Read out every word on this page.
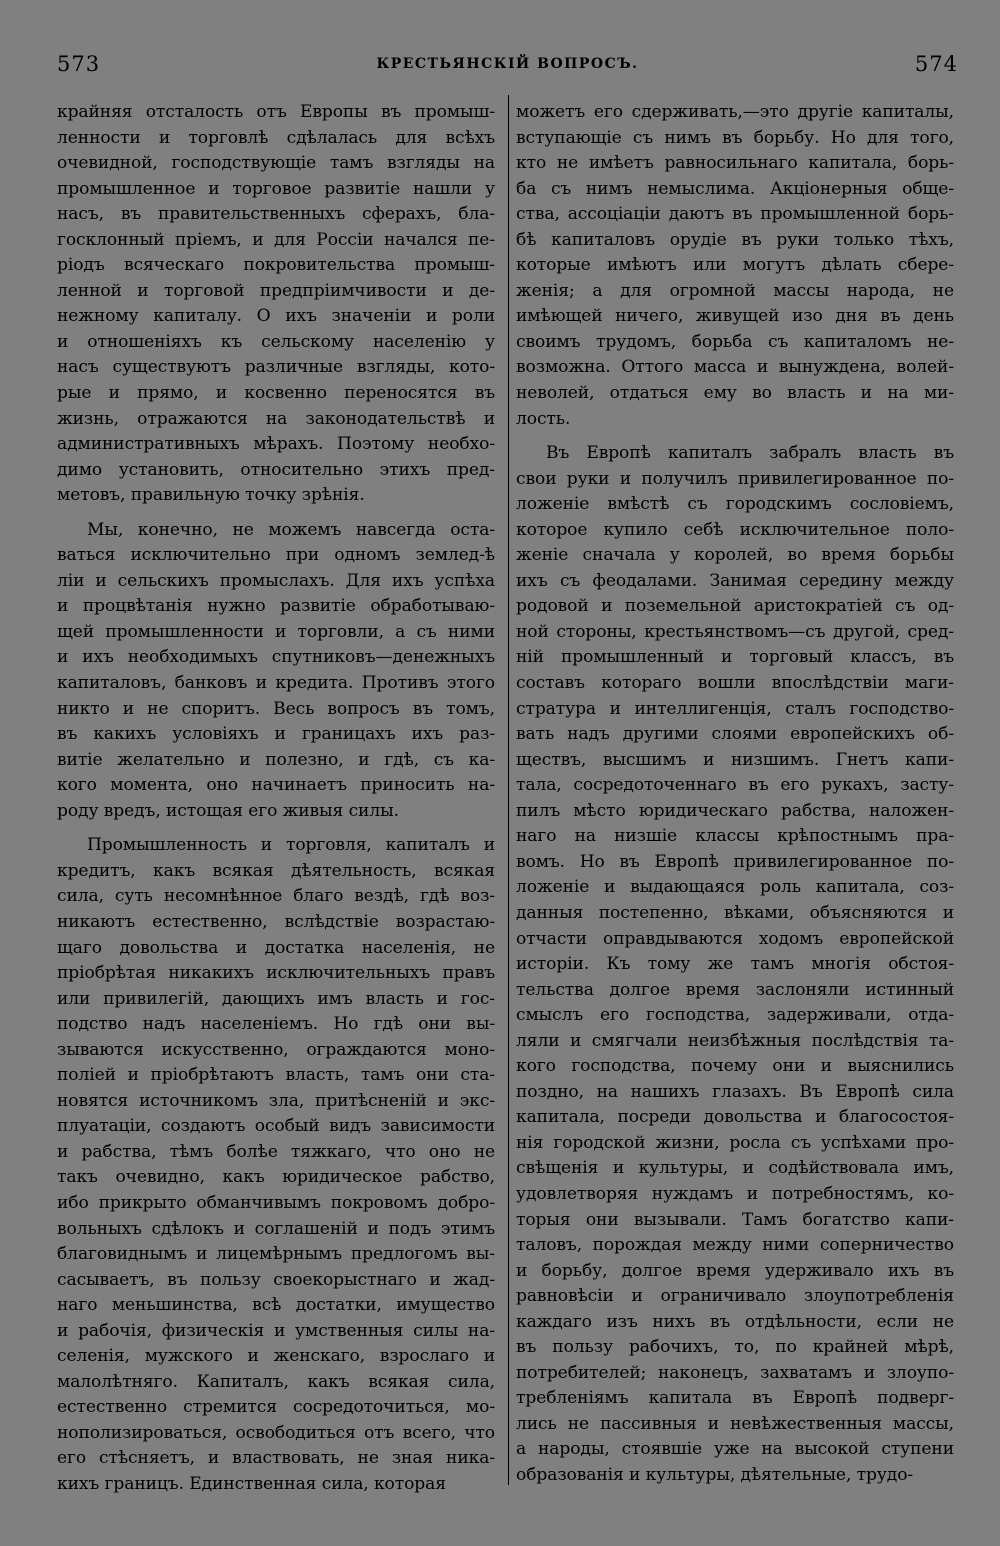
573	КРЕСТЬЯНСКІЙ ВОПРОСЪ.	574

крайняя отсталость отъ Европы въ промыш-
ленности и торговлѣ сдѣлалась для всѣхъ
очевидной, господствующіе тамъ взгляды на
промышленное и торговое развитіе нашли у
насъ, въ правительственныхъ сферахъ, бла-
госклонный пріемъ, и для Россіи начался пе-
ріодъ всяческаго покровительства промыш-
ленной и торговой предпріимчивости и де-
нежному капиталу. О ихъ значеніи и роли
и отношеніяхъ къ сельскому населенію у
насъ существуютъ различные взгляды, кото-
рые и прямо, и косвенно переносятся въ
жизнь, отражаются на законодательствѣ и
административныхъ мѣрахъ. Поэтому необхо-
димо установить, относительно этихъ пред-
метовъ, правильную точку зрѣнія.

Мы, конечно, не можемъ навсегда оста-
ваться исключительно при одномъ землед-ѣ
ліи и сельскихъ промыслахъ. Для ихъ успѣха
и процвѣтанія нужно развитіе обработываю-
щей промышленности и торговли, а съ ними
и ихъ необходимыхъ спутниковъ—денежныхъ
капиталовъ, банковъ и кредита. Противъ этого
никто и не споритъ. Весь вопросъ въ томъ,
въ какихъ условіяхъ и границахъ ихъ раз-
витіе желательно и полезно, и гдѣ, съ ка-
кого момента, оно начинаетъ приносить на-
роду вредъ, истощая его живыя силы.

Промышленность и торговля, капиталъ и
кредитъ, какъ всякая дѣятельность, всякая
сила, суть несомнѣнное благо вездѣ, гдѣ воз-
никаютъ естественно, вслѣдствіе возрастаю-
щаго довольства и достатка населенія, не
пріобрѣтая никакихъ исключительныхъ правъ
или привилегій, дающихъ имъ власть и гос-
подство надъ населеніемъ. Но гдѣ они вы-
зываются искусственно, ограждаются моно-
поліей и пріобрѣтаютъ власть, тамъ они ста-
новятся источникомъ зла, притѣсненій и экс-
плуатаціи, создаютъ особый видъ зависимости
и рабства, тѣмъ болѣе тяжкаго, что оно не
такъ очевидно, какъ юридическое рабство,
ибо прикрыто обманчивымъ покровомъ добро-
вольныхъ сдѣлокъ и соглашеній и подъ этимъ
благовиднымъ и лицемѣрнымъ предлогомъ вы-
сасываетъ, въ пользу своекорыстнаго и жад-
наго меньшинства, всѣ достатки, имущество
и рабочія, физическія и умственныя силы на-
селенія, мужского и женскаго, взрослаго и
малолѣтняго. Капиталъ, какъ всякая сила,
естественно стремится сосредоточиться, мо-
нополизироваться, освободиться отъ всего, что
его стѣсняетъ, и властвовать, не зная ника-
кихъ границъ. Единственная сила, которая

можетъ его сдерживать,—это другіе капиталы,
вступающіе съ нимъ въ борьбу. Но для того,
кто не имѣетъ равносильнаго капитала, борь-
ба съ нимъ немыслима. Акціонерныя обще-
ства, ассоціаціи даютъ въ промышленной борь-
бѣ капиталовъ орудіе въ руки только тѣхъ,
которые имѣютъ или могутъ дѣлать сбере-
женія; а для огромной массы народа, не
имѣющей ничего, живущей изо дня въ день
своимъ трудомъ, борьба съ капиталомъ не-
возможна. Оттого масса и вынуждена, волей-
неволей, отдаться ему во власть и на ми-
лость.

Въ Европѣ капиталъ забралъ власть въ
свои руки и получилъ привилегированное по-
ложеніе вмѣстѣ съ городскимъ сословіемъ,
которое купило себѣ исключительное поло-
женіе сначала у королей, во время борьбы
ихъ съ феодалами. Занимая середину между
родовой и поземельной аристократіей съ од-
ной стороны, крестьянствомъ—съ другой, сред-
ній промышленный и торговый классъ, въ
составъ котораго вошли впослѣдствіи маги-
стратура и интеллигенція, сталъ господство-
вать надъ другими слоями европейскихъ об-
ществъ, высшимъ и низшимъ. Гнетъ капи-
тала, сосредоточеннаго въ его рукахъ, засту-
пилъ мѣсто юридическаго рабства, наложен-
наго на низшіе классы крѣпостнымъ пра-
вомъ. Но въ Европѣ привилегированное по-
ложеніе и выдающаяся роль капитала, соз-
данныя постепенно, вѣками, объясняются и
отчасти оправдываются ходомъ европейской
исторіи. Къ тому же тамъ многія обстоя-
тельства долгое время заслоняли истинный
смыслъ его господства, задерживали, отда-
ляли и смягчали неизбѣжныя послѣдствія та-
кого господства, почему они и выяснились
поздно, на нашихъ глазахъ. Въ Европѣ сила
капитала, посреди довольства и благосостоя-
нія городской жизни, росла съ успѣхами про-
свѣщенія и культуры, и содѣйствовала имъ,
удовлетворяя нуждамъ и потребностямъ, ко-
торыя они вызывали. Тамъ богатство капи-
таловъ, порождая между ними соперничество
и борьбу, долгое время удерживало ихъ въ
равновѣсіи и ограничивало злоупотребленія
каждаго изъ нихъ въ отдѣльности, если не
въ пользу рабочихъ, то, по крайней мѣрѣ,
потребителей; наконецъ, захватамъ и злоупо-
требленіямъ капитала въ Европѣ подверг-
лись не пассивныя и невѣжественныя массы,
а народы, стоявшіе уже на высокой ступени
образованія и культуры, дѣятельные, трудо-
